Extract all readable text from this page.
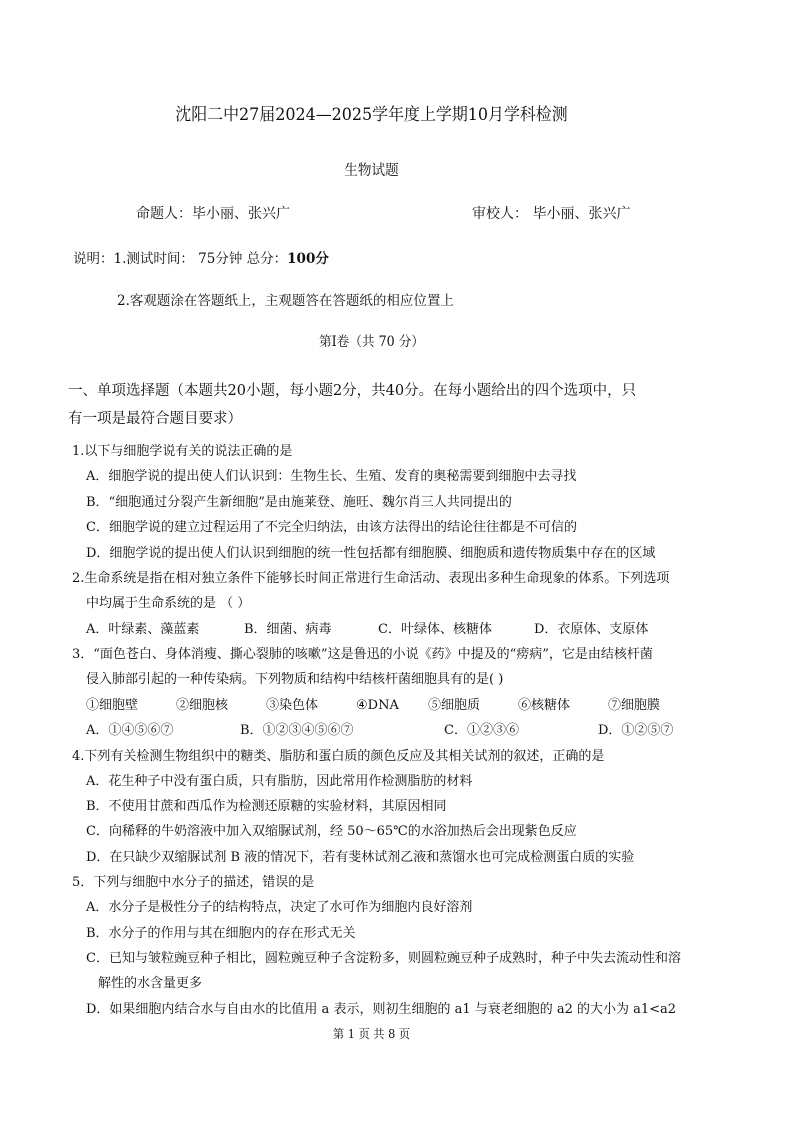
沈阳二中27届2024—2025学年度上学期10月学科检测
生物试题
命题人：毕小丽、张兴广	审校人： 毕小丽、张兴广
说明：1.测试时间： 75分钟 总分：100分
2.客观题涂在答题纸上，主观题答在答题纸的相应位置上
第Ⅰ卷（共 70 分）
一、单项选择题（本题共20小题，每小题2分，共40分。在每小题给出的四个选项中，只
有一项是最符合题目要求）
1.以下与细胞学说有关的说法正确的是
A．细胞学说的提出使人们认识到：生物生长、生殖、发育的奥秘需要到细胞中去寻找
B．“细胞通过分裂产生新细胞”是由施莱登、施旺、魏尔肖三人共同提出的
C．细胞学说的建立过程运用了不完全归纳法，由该方法得出的结论往往都是不可信的
D．细胞学说的提出使人们认识到细胞的统一性包括都有细胞膜、细胞质和遗传物质集中存在的区域
2.生命系统是指在相对独立条件下能够长时间正常进行生命活动、表现出多种生命现象的体系。下列选项
中均属于生命系统的是 （ ）
A．叶绿素、藻蓝素	B．细菌、病毒	C．叶绿体、核糖体	D．衣原体、支原体
3．“面色苍白、身体消瘦、撕心裂肺的咳嗽”这是鲁迅的小说《药》中提及的“痨病”，它是由结核杆菌
侵入肺部引起的一种传染病。下列物质和结构中结核杆菌细胞具有的是( )
①细胞壁	②细胞核	③染色体	④DNA ⑤细胞质	⑥核糖体	⑦细胞膜
A．①④⑤⑥⑦	B．①②③④⑤⑥⑦	C．①②③⑥	D．①②⑤⑦
4.下列有关检测生物组织中的糖类、脂肪和蛋白质的颜色反应及其相关试剂的叙述，正确的是
A．花生种子中没有蛋白质，只有脂肪，因此常用作检测脂肪的材料
B．不使用甘蔗和西瓜作为检测还原糖的实验材料，其原因相同
C．向稀释的牛奶溶液中加入双缩脲试剂，经 50～65℃的水浴加热后会出现紫色反应
D．在只缺少双缩脲试剂 B 液的情况下，若有斐林试剂乙液和蒸馏水也可完成检测蛋白质的实验
5．下列与细胞中水分子的描述，错误的是
A．水分子是极性分子的结构特点，决定了水可作为细胞内良好溶剂
B．水分子的作用与其在细胞内的存在形式无关
C．已知与皱粒豌豆种子相比，圆粒豌豆种子含淀粉多，则圆粒豌豆种子成熟时，种子中失去流动性和溶
解性的水含量更多
D．如果细胞内结合水与自由水的比值用 a 表示，则初生细胞的 a1 与衰老细胞的 a2 的大小为 a1<a2
第 1 页 共 8 页
